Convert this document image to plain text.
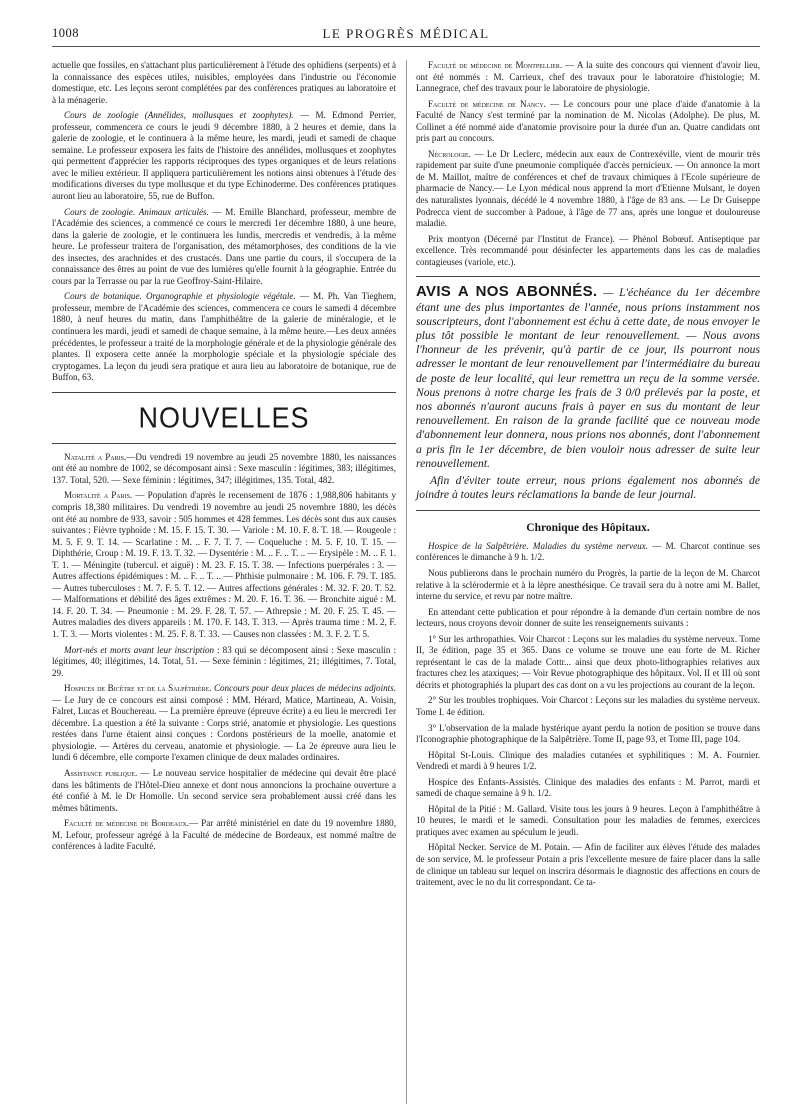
1008	LE PROGRÈS MÉDICAL

actuelle que fossiles, en s'attachant plus particulièrement à l'étude des ophidiens (serpents) et à la connaissance des espèces utiles, nuisibles, employées dans l'industrie ou l'économie domestique, etc. Les leçons seront complétées par des conférences pratiques au laboratoire et à la ménagerie.

Cours de zoologie (Annélides, mollusques et zoophytes). — M. Edmond Perrier, professeur, commencera ce cours le jeudi 9 décembre 1880, à 2 heures et demie, dans la galerie de zoologie, et le continuera à la même heure, les mardi, jeudi et samedi de chaque semaine. Le professeur exposera les faits de l'histoire des annélides, mollusques et zoophytes qui permettent d'apprécier les rapports réciproques des types organiques et de leurs relations avec le milieu extérieur. Il appliquera particulièrement les notions ainsi obtenues à l'étude des modifications diverses du type mollusque et du type Echinoderme. Des conférences pratiques auront lieu au laboratoire, 55, rue de Buffon.

Cours de zoologie. Animaux articulés. — M. Emille Blanchard, professeur, membre de l'Académie des sciences, a commencé ce cours le mercredi 1er décembre 1880, à une heure, dans la galerie de zoologie, et le continuera les lundis, mercredis et vendredis, à la même heure. Le professeur traitera de l'organisation, des métamorphoses, des conditions de la vie des insectes, des arachnides et des crustacés. Dans une partie du cours, il s'occupera de la connaissance des êtres au point de vue des lumières qu'elle fournit à la géographie. Entrée du cours par la Terrasse ou par la rue Geoffroy-Saint-Hilaire.

Cours de botanique. Organographie et physiologie végétale. — M. Ph. Van Tieghem, professeur, membre de l'Académie des sciences, commencera ce cours le samedi 4 décembre 1880, à neuf heures du matin, dans l'amphithéâtre de la galerie de minéralogie, et le continuera les mardi, jeudi et samedi de chaque semaine, à la même heure.—Les deux années précédentes, le professeur a traité de la morphologie générale et de la physiologie générale des plantes. Il exposera cette année la morphologie spéciale et la physiologie spéciale des cryptogames. La leçon du jeudi sera pratique et aura lieu au laboratoire de botanique, rue de Buffon, 63.

NOUVELLES

Natalité a Paris.—Du vendredi 19 novembre au jeudi 25 novembre 1880, les naissances ont été au nombre de 1002, se décomposant ainsi : Sexe masculin : légitimes, 383; illégitimes, 137. Total, 520. — Sexe féminin : légitimes, 347; illégitimes, 135. Total, 482.

Mortalité a Paris. — Population d'après le recensement de 1876 : 1,988,806 habitants y compris 18,380 militaires. Du vendredi 19 novembre au jeudi 25 novembre 1880, les décès ont été au nombre de 933, savoir : 505 hommes et 428 femmes. Les décès sont dus aux causes suivantes : Fièvre typhoïde : M. 15. F. 15. T. 30. — Variole : M. 10. F. 8. T. 18. — Rougeole : M. 5. F. 9. T. 14. — Scarlatine : M. .. F. 7. T. 7. — Coqueluche : M. 5. F. 10. T. 15. — Diphthérie, Croup : M. 19. F. 13. T. 32. — Dysentérie : M. .. F. .. T. .. — Erysipèle : M. .. F. 1. T. 1. — Méningite (tubercul. et aiguë) : M. 23. F. 15. T. 38. — Infections puerpérales : 3. — Autres affections épidémiques : M. .. F. .. T. .. — Phthisie pulmonaire : M. 106. F. 79. T. 185. — Autres tuberculoses : M. 7. F. 5. T. 12. — Autres affections générales : M. 32. F. 20. T. 52. — Malformations et débilité des âges extrêmes : M. 20. F. 16. T. 36. — Bronchite aiguë : M. 14. F. 20. T. 34. — Pneumonie : M. 29. F. 28. T. 57. — Athrepsie : M. 20. F. 25. T. 45. — Autres maladies des divers appareils : M. 170. F. 143. T. 313. — Après trauma time : M. 2, F. 1. T. 3. — Morts violentes : M. 25. F. 8. T. 33. — Causes non classées : M. 3. F. 2. T. 5.

Mort-nés et morts avant leur inscription : 83 qui se décomposent ainsi : Sexe masculin : légitimes, 40; illégitimes, 14. Total, 51. — Sexe féminin : légitimes, 21; illégitimes, 7. Total, 29.

Hospices de Bicêtre et de la Salpêtrière. Concours pour deux places de médecins adjoints. — Le Jury de ce concours est ainsi composé : MM. Hérard, Matice, Martineau, A. Voisin, Falret, Lucas et Bouchereau. — La première épreuve (épreuve écrite) a eu lieu le mercredi 1er décembre. La question a été la suivante : Corps strié, anatomie et physiologie. Les questions restées dans l'urne étaient ainsi conçues : Cordons postérieurs de la moelle, anatomie et physiologie. — Artères du cerveau, anatomie et physiologie. — La 2e épreuve aura lieu le lundi 6 décembre, elle comporte l'examen clinique de deux malades ordinaires.

Assistance publique. — Le nouveau service hospitalier de médecine qui devait être placé dans les bâtiments de l'Hôtel-Dieu annexe et dont nous annoncions la prochaine ouverture a été confié à M. le Dr Homolle. Un second service sera probablement aussi créé dans les mêmes bâtiments.

Faculté de médecine de Bordeaux.— Par arrêté ministériel en date du 19 novembre 1880, M. Lefour, professeur agrégé à la Faculté de médecine de Bordeaux, est nommé maître de conférences à ladite Faculté.

Faculté de médecine de Montpellier. — A la suite des concours qui viennent d'avoir lieu, ont été nommés : M. Carrieux, chef des travaux pour le laboratoire d'histologie; M. Lannegrace, chef des travaux pour le laboratoire de physiologie.

Faculté de médecine de Nancy. — Le concours pour une place d'aide d'anatomie à la Faculté de Nancy s'est terminé par la nomination de M. Nicolas (Adolphe). De plus, M. Collinet a été nommé aide d'anatomie provisoire pour la durée d'un an. Quatre candidats ont pris part au concours.

Nécrologie. — Le Dr Leclerc, médecin aux eaux de Contrexéville, vient de mourir très rapidement par suite d'une pneumonie compliquée d'accès pernicieux. — On annonce la mort de M. Maillot, maître de conférences et chef de travaux chimiques à l'Ecole supérieure de pharmacie de Nancy.— Le Lyon médical nous apprend la mort d'Etienne Mulsant, le doyen des naturalistes lyonnais, décédé le 4 novembre 1880, à l'âge de 83 ans. — Le Dr Guiseppe Podrecca vient de succomber à Padoue, à l'âge de 77 ans, après une longue et douloureuse maladie.

Prix montyon (Décerné par l'Institut de France). — Phénol Bobœuf. Antiseptique par excellence. Très recommandé pour désinfecter les appartements dans les cas de maladies contagieuses (variole, etc.).

AVIS A NOS ABONNÉS. — L'échéance du 1er décembre étant une des plus importantes de l'année, nous prions instamment nos souscripteurs, dont l'abonnement est échu à cette date, de nous envoyer le plus tôt possible le montant de leur renouvellement. — Nous avons l'honneur de les prévenir, qu'à partir de ce jour, ils pourront nous adresser le montant de leur renouvellement par l'intermédiaire du bureau de poste de leur localité, qui leur remettra un reçu de la somme versée. Nous prenons à notre charge les frais de 3 0/0 prélevés par la poste, et nos abonnés n'auront aucuns frais à payer en sus du montant de leur renouvellement. En raison de la grande facilité que ce nouveau mode d'abonnement leur donnera, nous prions nos abonnés, dont l'abonnement a pris fin le 1er décembre, de bien vouloir nous adresser de suite leur renouvellement.

Afin d'éviter toute erreur, nous prions également nos abonnés de joindre à toutes leurs réclamations la bande de leur journal.

Chronique des Hôpitaux.

Hospice de la Salpêtrière. Maladies du système nerveux. — M. Charcot continue ses conférences le dimanche à 9 h. 1/2.

Nous publierons dans le prochain numéro du Progrès, la partie de la leçon de M. Charcot relative à la sclérodermie et à la lèpre anesthésique. Ce travail sera du à notre ami M. Ballet, interne du service, et revu par notre maître.

En attendant cette publication et pour répondre à la demande d'un certain nombre de nos lecteurs, nous croyons devoir donner de suite les renseignements suivants :

1° Sur les arthropathies. Voir Charcot : Leçons sur les maladies du système nerveux. Tome II, 3e édition, page 35 et 365. Dans ce volume se trouve une eau forte de M. Richer représentant le cas de la malade Cottr... ainsi que deux photo-lithographies relatives aux fractures chez les ataxiques; — Voir Revue photographique des hôpitaux. Vol. II et III où sont décrits et photographiés la plupart des cas dont on a vu les projections au courant de la leçon.

2° Sur les troubles trophiques. Voir Charcot : Leçons sur les maladies du système nerveux. Tome I. 4e édition.

3° L'observation de la malade hystérique ayant perdu la notion de position se trouve dans l'Iconographie photographique de la Salpêtrière. Tome II, page 93, et Tome III, page 104.

Hôpital St-Louis. Clinique des maladies cutanées et syphilitiques : M. A. Fournier. Vendredi et mardi à 9 heures 1/2.

Hospice des Enfants-Assistés. Clinique des maladies des enfants : M. Parrot, mardi et samedi de chaque semaine à 9 h. 1/2.

Hôpital de la Pitié : M. Gallard. Visite tous les jours à 9 heures. Leçon à l'amphithéâtre à 10 heures, le mardi et le samedi. Consultation pour les maladies de femmes, exercices pratiques avec examen au spéculum le jeudi.

Hôpital Necker. Service de M. Potain. — Afin de faciliter aux élèves l'étude des malades de son service, M. le professeur Potain a pris l'excellente mesure de faire placer dans la salle de clinique un tableau sur lequel on inscrira désormais le diagnostic des affections en cours de traitement, avec le no du lit correspondant. Ce ta-
